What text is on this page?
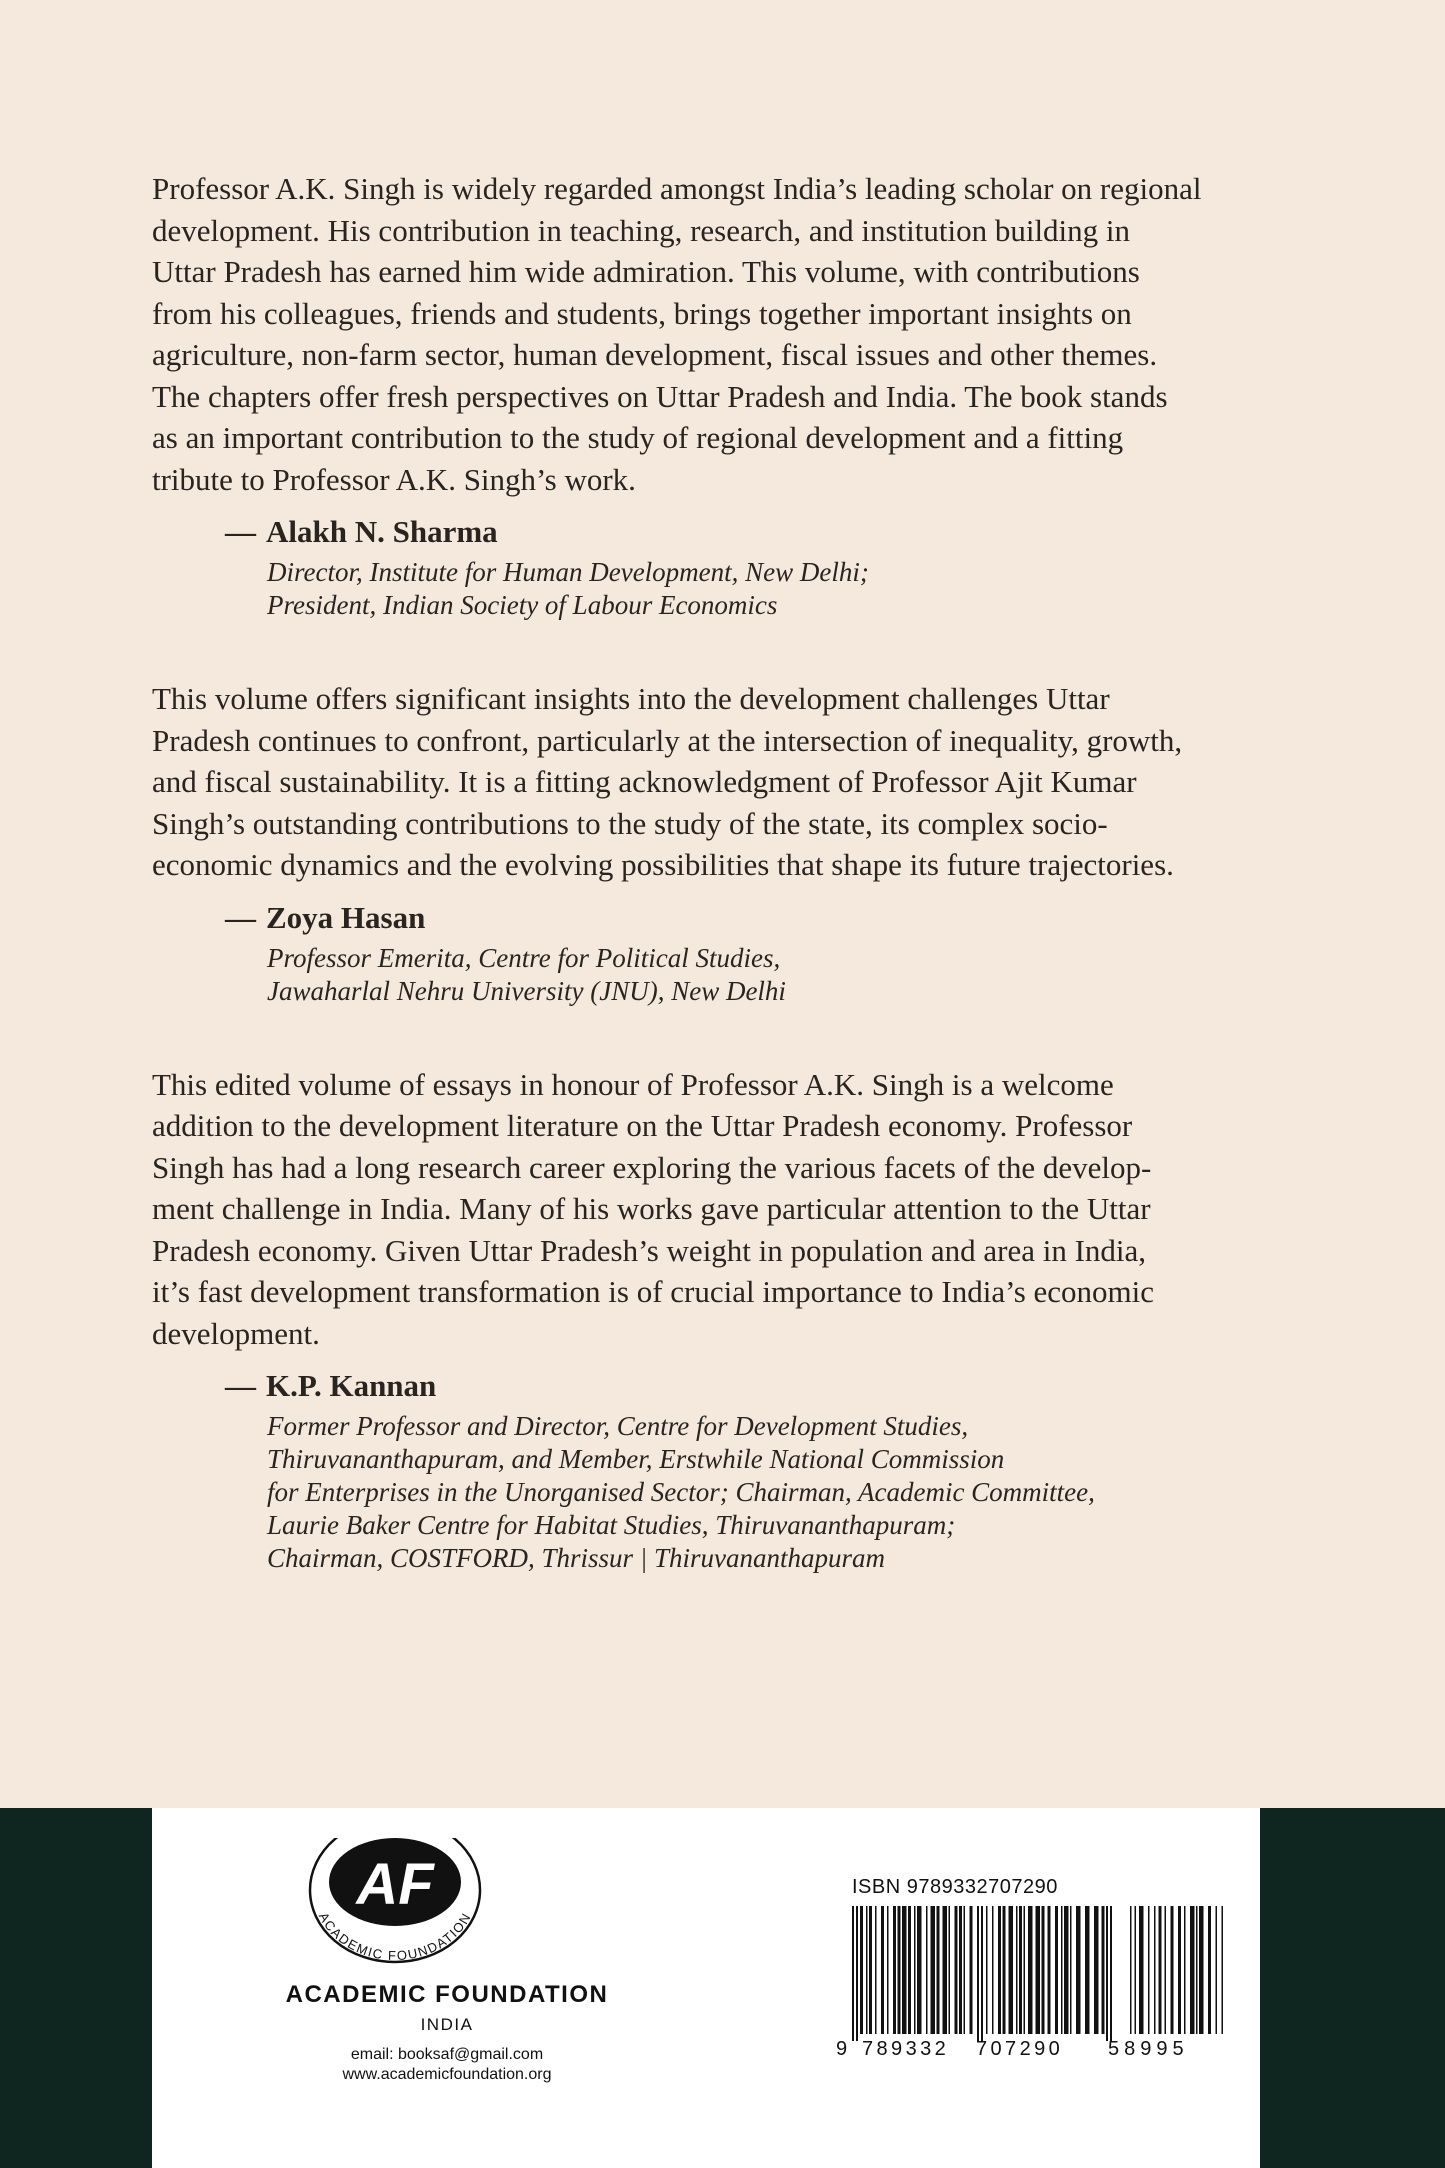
Professor A.K. Singh is widely regarded amongst India’s leading scholar on regional
development. His contribution in teaching, research, and institution building in
Uttar Pradesh has earned him wide admiration. This volume, with contributions
from his colleagues, friends and students, brings together important insights on
agriculture, non-farm sector, human development, fiscal issues and other themes.
The chapters offer fresh perspectives on Uttar Pradesh and India. The book stands
as an important contribution to the study of regional development and a fitting
tribute to Professor A.K. Singh’s work.

— Alakh N. Sharma
Director, Institute for Human Development, New Delhi;
President, Indian Society of Labour Economics

This volume offers significant insights into the development challenges Uttar
Pradesh continues to confront, particularly at the intersection of inequality, growth,
and fiscal sustainability. It is a fitting acknowledgment of Professor Ajit Kumar
Singh’s outstanding contributions to the study of the state, its complex socio-
economic dynamics and the evolving possibilities that shape its future trajectories.

— Zoya Hasan
Professor Emerita, Centre for Political Studies,
Jawaharlal Nehru University (JNU), New Delhi

This edited volume of essays in honour of Professor A.K. Singh is a welcome
addition to the development literature on the Uttar Pradesh economy. Professor
Singh has had a long research career exploring the various facets of the develop-
ment challenge in India. Many of his works gave particular attention to the Uttar
Pradesh economy. Given Uttar Pradesh’s weight in population and area in India,
it’s fast development transformation is of crucial importance to India’s economic
development.

— K.P. Kannan
Former Professor and Director, Centre for Development Studies,
Thiruvananthapuram, and Member, Erstwhile National Commission
for Enterprises in the Unorganised Sector; Chairman, Academic Committee,
Laurie Baker Centre for Habitat Studies, Thiruvananthapuram;
Chairman, COSTFORD, Thrissur | Thiruvananthapuram
AF
ACADEMIC FOUNDATION
ACADEMIC FOUNDATION
INDIA
email: booksaf@gmail.com
www.academicfoundation.org
ISBN 9789332707290
9 789332 707290 58995
